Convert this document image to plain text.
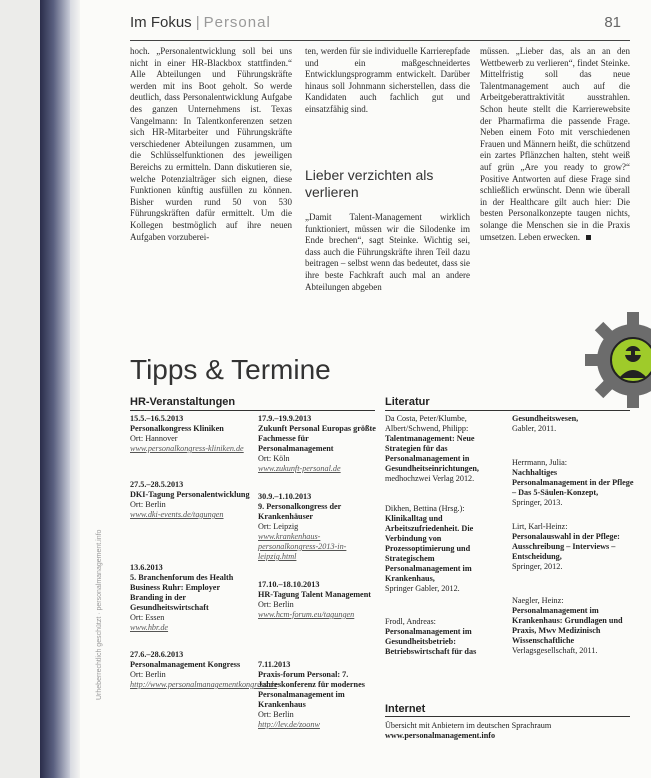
Urheberrechtlich geschützt · personalmanagement.info
Im Fokus | Personal	81

hoch. „Personalentwicklung soll bei uns nicht in einer HR-Blackbox stattfinden.“ Alle Abteilungen und Führungskräfte werden mit ins Boot geholt. So werde deutlich, dass Personalentwicklung Aufgabe des ganzen Unternehmens ist. Texas Vangelmann: In Talentkonferenzen setzen sich HR-Mitarbeiter und Führungskräfte verschiedener Abteilungen zusammen, um die Schlüsselfunktionen des jeweiligen Bereichs zu ermitteln. Dann diskutieren sie, welche Potenzialträger sich eignen, diese Funktionen künftig ausfüllen zu können. Bisher wurden rund 50 von 530 Führungskräften dafür ermittelt. Um die Kollegen bestmöglich auf ihre neuen Aufgaben vorzuberei-

ten, werden für sie individuelle Karrierepfade und ein maßgeschneidertes Entwicklungsprogramm entwickelt. Darüber hinaus soll Johnmann sicherstellen, dass die Kandidaten auch fachlich gut und einsatzfähig sind.

Lieber verzichten als verlieren

„Damit Talent-Management wirklich funktioniert, müssen wir die Silodenke im Ende brechen“, sagt Steinke. Wichtig sei, dass auch die Führungskräfte ihren Teil dazu beitragen – selbst wenn das bedeutet, dass sie ihre beste Fachkraft auch mal an andere Abteilungen abgeben

müssen. „Lieber das, als an an den Wettbewerb zu verlieren“, findet Steinke. Mittelfristig soll das neue Talentmanagement auch auf die Arbeitgeberattraktivität ausstrahlen. Schon heute stellt die Karrierewebsite der Pharmafirma die passende Frage. Neben einem Foto mit verschiedenen Frauen und Männern heißt, die schützend ein zartes Pflänzchen halten, steht weiß auf grün „Are you ready to grow?“ Positive Antworten auf diese Frage sind schließlich erwünscht. Denn wie überall in der Healthcare gilt auch hier: Die besten Personalkonzepte taugen nichts, solange die Menschen sie in die Praxis umsetzen. Leben erwecken.

Tipps & Termine
HR-Veranstaltungen	Literatur
15.5.–16.5.2013
Personalkongress Kliniken
Ort: Hannover
www.personalkongress-kliniken.de
27.5.–28.5.2013
DKI-Tagung Personalentwicklung
Ort: Berlin
www.dki-events.de/tagungen
13.6.2013
5. Branchenforum des Health Business Ruhr: Employer Branding in der Gesundheitswirtschaft
Ort: Essen
www.hbr.de
27.6.–28.6.2013
Personalmanagement Kongress
Ort: Berlin
http://www.personalmanagementkongress.de
17.9.–19.9.2013
Zukunft Personal Europas größte Fachmesse für Personalmanagement
Ort: Köln
www.zukunft-personal.de
30.9.–1.10.2013
9. Personalkongress der Krankenhäuser
Ort: Leipzig
www.krankenhaus-personalkongress-2013-in-leipzig.html
17.10.–18.10.2013
HR-Tagung Talent Management
Ort: Berlin
www.hcm-forum.eu/tagungen
7.11.2013
Praxis-forum Personal: 7. Jahreskonferenz für modernes Personalmanagement im Krankenhaus
Ort: Berlin
http://lev.de/zoonw
Da Costa, Peter/Klumbe, Albert/Schwend, Philipp:
Talentmanagement: Neue Strategien für das Personalmanagement in Gesundheitseinrichtungen,
medhochzwei Verlag 2012.
Dikhen, Bettina (Hrsg.):
Klinikalltag und Arbeitszufriedenheit. Die Verbindung von Prozessoptimierung und Strategischem Personalmanagement im Krankenhaus,
Springer Gabler, 2012.
Frodl, Andreas:
Personalmanagement im Gesundheitsbetrieb: Betriebswirtschaft für das
Gesundheitswesen,
Gabler, 2011.
Herrmann, Julia:
Nachhaltiges Personalmanagement in der Pflege – Das 5-Säulen-Konzept,
Springer, 2013.
Lirt, Karl-Heinz:
Personalauswahl in der Pflege: Ausschreibung – Interviews – Entscheidung,
Springer, 2012.
Naegler, Heinz:
Personalmanagement im Krankenhaus: Grundlagen und Praxis, Mwv Medizinisch Wissenschaftliche
Verlagsgesellschaft, 2011.
Internet
Übersicht mit Anbietern im deutschen Sprachraum
www.personalmanagement.info
